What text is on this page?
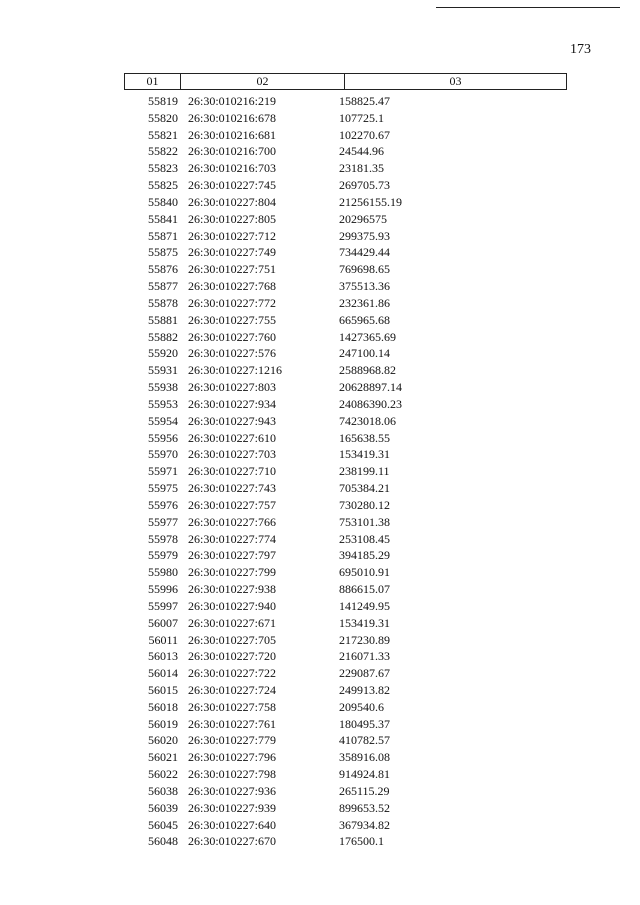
173
01	02	03
55819 26:30:010216:219	158825.47
55820 26:30:010216:678	107725.1
55821 26:30:010216:681	102270.67
55822 26:30:010216:700	24544.96
55823 26:30:010216:703	23181.35
55825 26:30:010227:745	269705.73
55840 26:30:010227:804	21256155.19
55841 26:30:010227:805	20296575
55871 26:30:010227:712	299375.93
55875 26:30:010227:749	734429.44
55876 26:30:010227:751	769698.65
55877 26:30:010227:768	375513.36
55878 26:30:010227:772	232361.86
55881 26:30:010227:755	665965.68
55882 26:30:010227:760	1427365.69
55920 26:30:010227:576	247100.14
55931 26:30:010227:1216	2588968.82
55938 26:30:010227:803	20628897.14
55953 26:30:010227:934	24086390.23
55954 26:30:010227:943	7423018.06
55956 26:30:010227:610	165638.55
55970 26:30:010227:703	153419.31
55971 26:30:010227:710	238199.11
55975 26:30:010227:743	705384.21
55976 26:30:010227:757	730280.12
55977 26:30:010227:766	753101.38
55978 26:30:010227:774	253108.45
55979 26:30:010227:797	394185.29
55980 26:30:010227:799	695010.91
55996 26:30:010227:938	886615.07
55997 26:30:010227:940	141249.95
56007 26:30:010227:671	153419.31
56011 26:30:010227:705	217230.89
56013 26:30:010227:720	216071.33
56014 26:30:010227:722	229087.67
56015 26:30:010227:724	249913.82
56018 26:30:010227:758	209540.6
56019 26:30:010227:761	180495.37
56020 26:30:010227:779	410782.57
56021 26:30:010227:796	358916.08
56022 26:30:010227:798	914924.81
56038 26:30:010227:936	265115.29
56039 26:30:010227:939	899653.52
56045 26:30:010227:640	367934.82
56048 26:30:010227:670	176500.1
